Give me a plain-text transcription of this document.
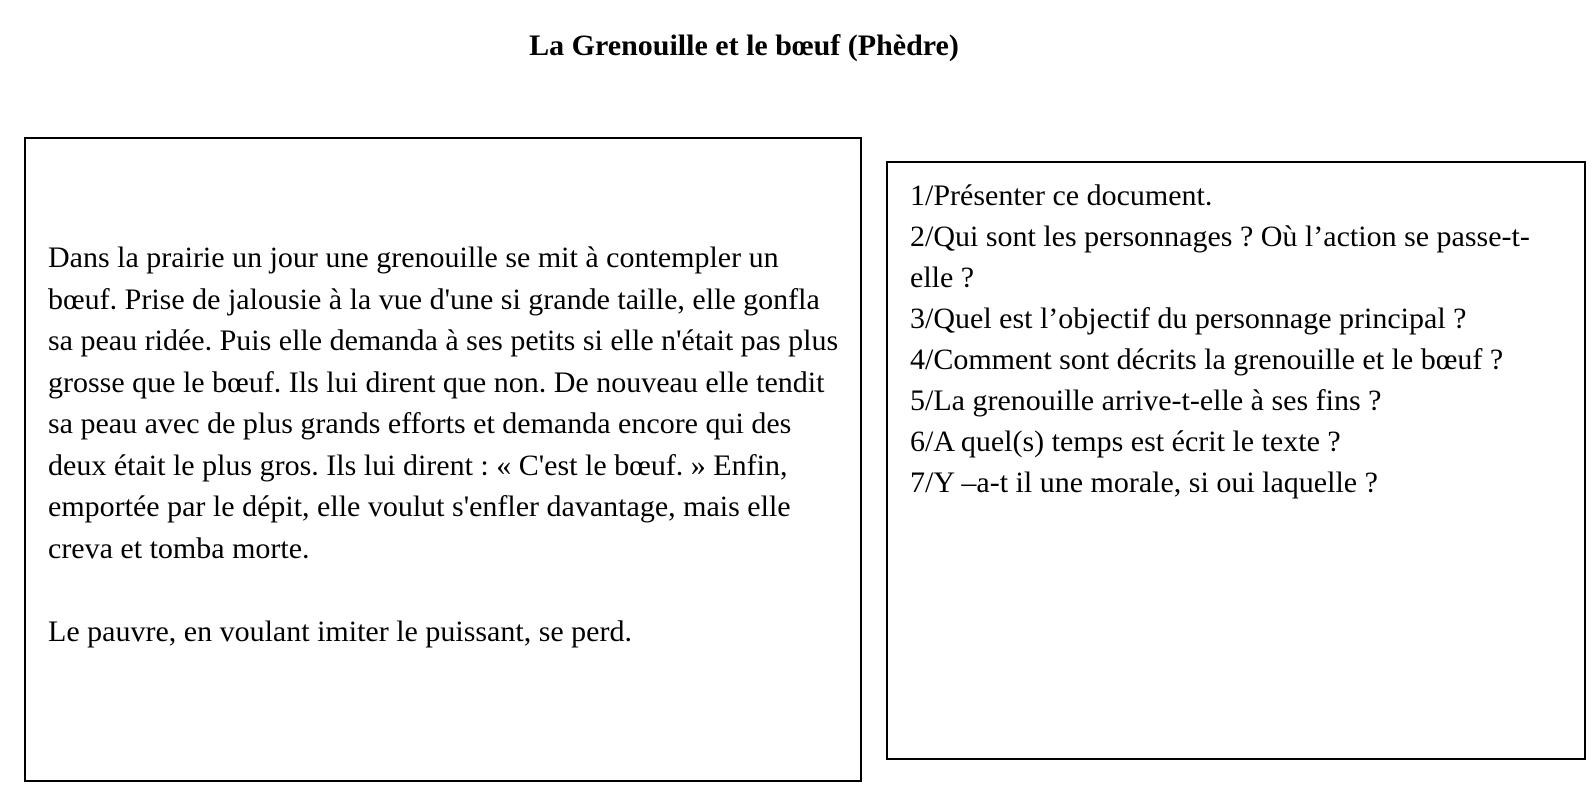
La Grenouille et le bœuf (Phèdre)

Dans la prairie un jour une grenouille se mit à contempler un bœuf. Prise de jalousie à la vue d'une si grande taille, elle gonfla sa peau ridée. Puis elle demanda à ses petits si elle n'était pas plus grosse que le bœuf. Ils lui dirent que non. De nouveau elle tendit sa peau avec de plus grands efforts et demanda encore qui des deux était le plus gros. Ils lui dirent : « C'est le bœuf. » Enfin, emportée par le dépit, elle voulut s'enfler davantage, mais elle creva et tomba morte.

Le pauvre, en voulant imiter le puissant, se perd.

1/Présenter ce document.
2/Qui sont les personnages ? Où l’action se passe-t-elle ?
3/Quel est l’objectif du personnage principal ?
4/Comment sont décrits la grenouille et le bœuf ?
5/La grenouille arrive-t-elle à ses fins ?
6/A quel(s) temps est écrit le texte ?
7/Y –a-t il une morale, si oui laquelle ?
